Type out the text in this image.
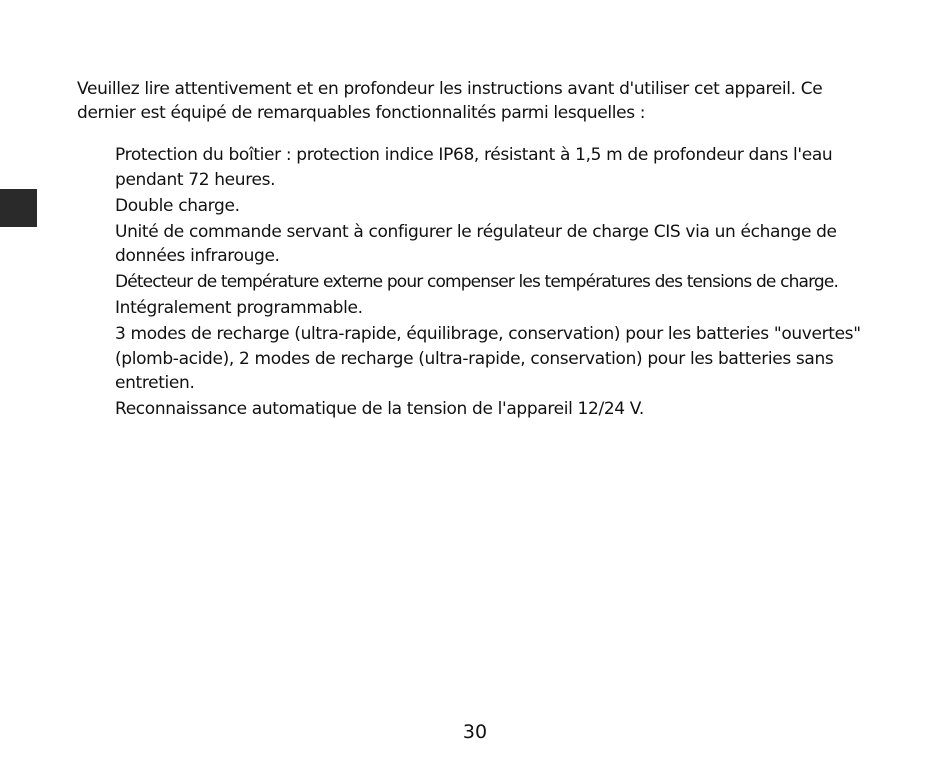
Veuillez lire attentivement et en profondeur les instructions avant d'utiliser cet appareil. Ce dernier est équipé de remarquables fonctionnalités parmi lesquelles :

Protection du boîtier : protection indice IP68, résistant à 1,5 m de profondeur dans l'eau pendant 72 heures.
Double charge.
Unité de commande servant à configurer le régulateur de charge CIS via un échange de données infrarouge.
Détecteur de température externe pour compenser les températures des tensions de charge.
Intégralement programmable.
3 modes de recharge (ultra-rapide, équilibrage, conservation) pour les batteries "ouvertes" (plomb-acide), 2 modes de recharge (ultra-rapide, conservation) pour les batteries sans entretien.
Reconnaissance automatique de la tension de l'appareil 12/24 V.
30
